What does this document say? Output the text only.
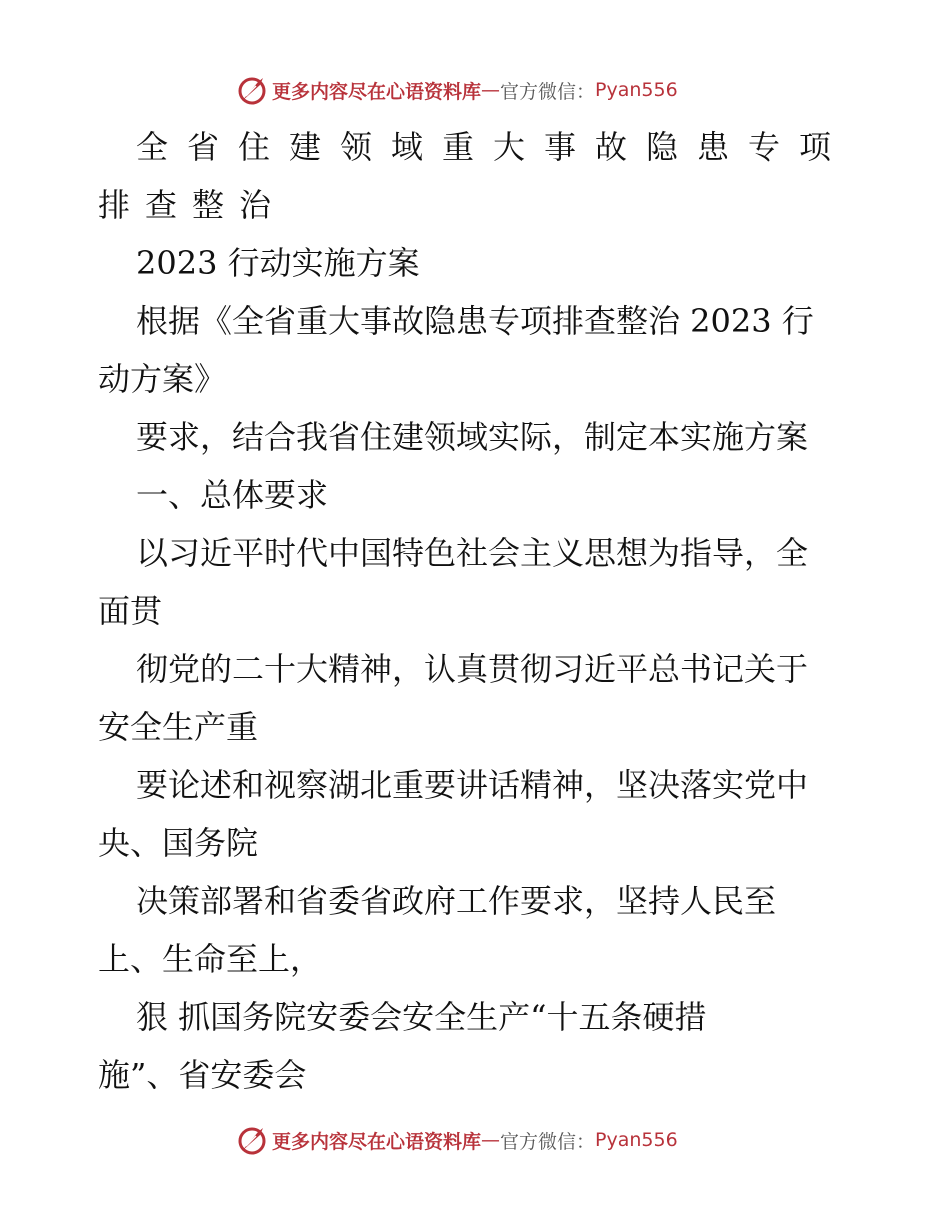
更多内容尽在心语资料库 — 官方微信： Pyan556
全省住建领域重大事故隐患专项
排查整治
2023 行动实施方案
根据《全省重大事故隐患专项排查整治 2023 行
动方案》
要求，结合我省住建领域实际，制定本实施方案
一、总体要求
以习近平时代中国特色社会主义思想为指导，全
面贯
彻党的二十大精神，认真贯彻习近平总书记关于
安全生产重
要论述和视察湖北重要讲话精神，坚决落实党中
央、国务院
决策部署和省委省政府工作要求，坚持人民至
上、生命至上，
狠 抓国务院安委会安全生产“十五条硬措
施”、省安委会
更多内容尽在心语资料库 — 官方微信： Pyan556
